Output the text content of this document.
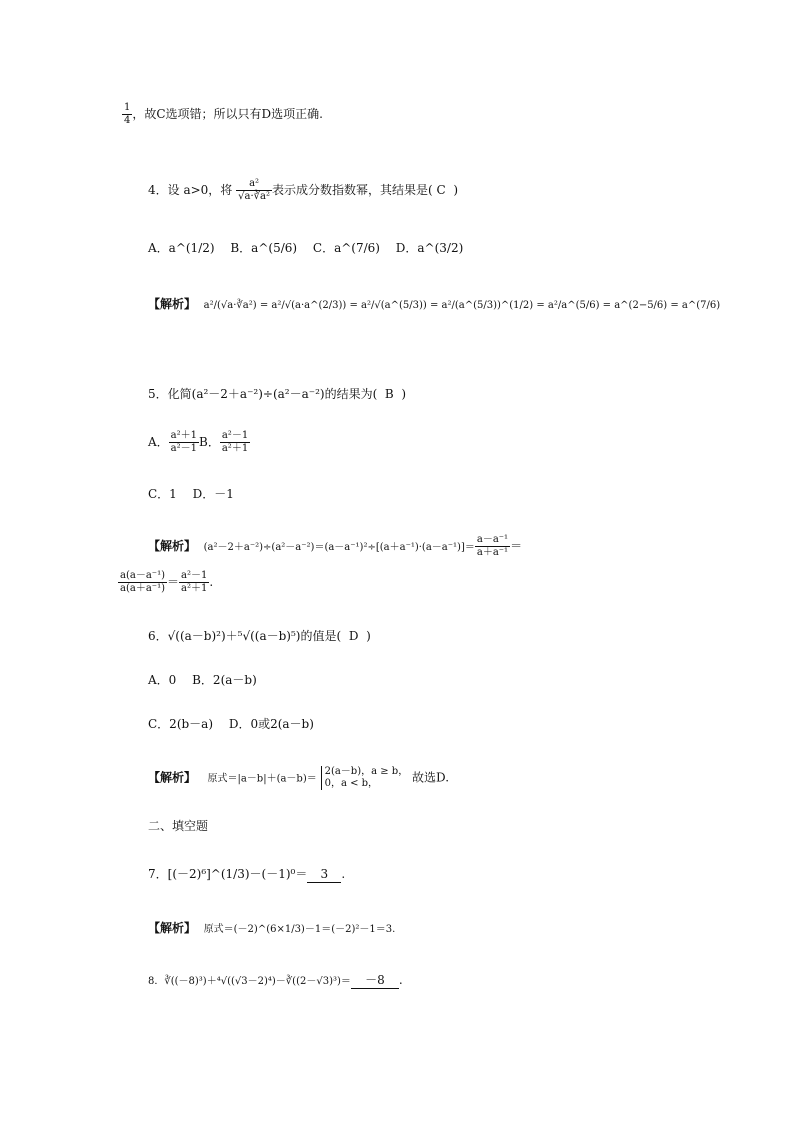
$\frac{1}{4}$ ，故C选项错；所以只有D选项正确.
4．设 a>0，将 $\frac{\text{a²}}{\text{√a·∛a²}}$ 表示成分数指数幂，其结果是( C )
A．a^(1/2)　 B．a^(5/6)　 C．a^(7/6)　 D．a^(3/2)
【解析】 a²/(√a·∛a²) = a²/√(a·a^(2/3)) = a²/√(a^(5/3)) = a²/(a^(5/3))^(1/2) = a²/a^(5/6) = a^(2−5/6) = a^(7/6)
5．化简(a²－2＋a⁻²)÷(a²－a⁻²)的结果为( B )
A． $\frac{\text{a²＋1}}{\text{a²－1}}$ B． $\frac{\text{a²－1}}{\text{a²＋1}}$
C．1　 D．－1
【解析】 $(a^2-2+a^{-2})\div(a^2-a^{-2})=(a-a^{-1})^2\div[(a+a^{-1})\cdot(a-a^{-1})]= \frac{\text{a－a⁻¹}}{\text{a＋a⁻¹}}$ ＝
$\frac{\text{a(a－a⁻¹)}}{\text{a(a＋a⁻¹)}} = \frac{\text{a²－1}}{\text{a²＋1}}$ .
6．√((a－b)²)＋⁵√((a－b)⁵)的值是( D )
A．0　 B．2(a－b)
C．2(b－a)　 D．0或2(a－b)
【解析】 原式＝|a－b|＋(a－b)＝
2(a－b)，a ≥ b，
0，a < b，	故选D.
二、填空题
7．[(－2)⁶]^(1/3)－(－1)⁰＝ 3 .
【解析】 原式＝(－2)^(6×1/3)－1＝(－2)²－1＝3.
8．∛((－8)³)＋⁴√((√3－2)⁴)－∛((2－√3)³)＝ －8 .
